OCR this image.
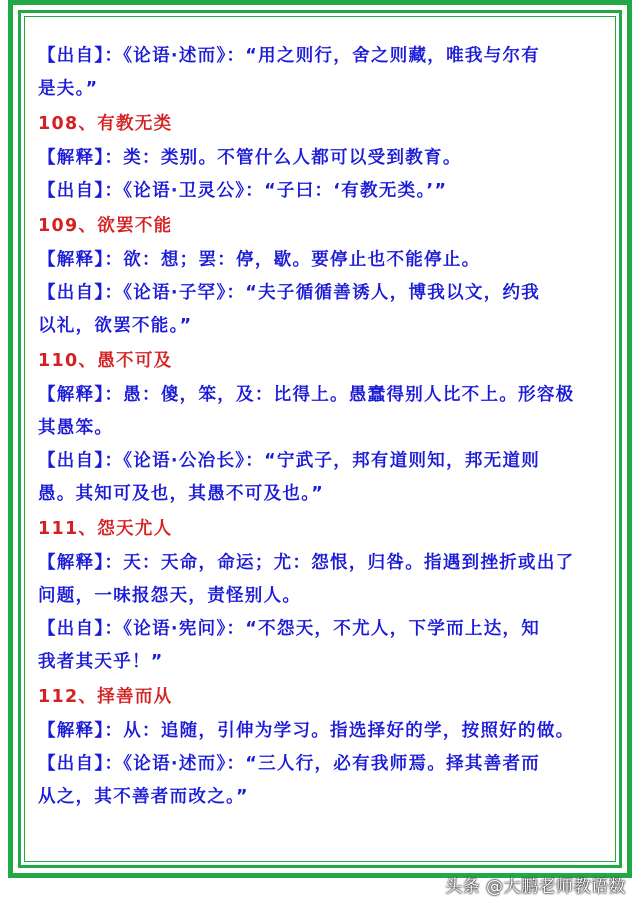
【出自】：《论语·述而》：“用之则行，舍之则藏，唯我与尔有

是夫。”

108、有教无类

【解释】：类：类别。不管什么人都可以受到教育。

【出自】：《论语·卫灵公》：“子曰：‘有教无类。’”

109、欲罢不能

【解释】：欲：想；罢：停，歇。要停止也不能停止。

【出自】：《论语·子罕》：“夫子循循善诱人，博我以文，约我

以礼，欲罢不能。”

110、愚不可及

【解释】：愚：傻，笨，及：比得上。愚蠢得别人比不上。形容极

其愚笨。

【出自】：《论语·公冶长》：“宁武子，邦有道则知，邦无道则

愚。其知可及也，其愚不可及也。”

111、怨天尤人

【解释】：天：天命，命运；尤：怨恨，归咎。指遇到挫折或出了

问题，一味报怨天，责怪别人。

【出自】：《论语·宪问》：“不怨天，不尤人，下学而上达，知

我者其天乎！”

112、择善而从

【解释】：从：追随，引伸为学习。指选择好的学，按照好的做。

【出自】：《论语·述而》：“三人行，必有我师焉。择其善者而

从之，其不善者而改之。”

头条 @大鹏老师教语数
